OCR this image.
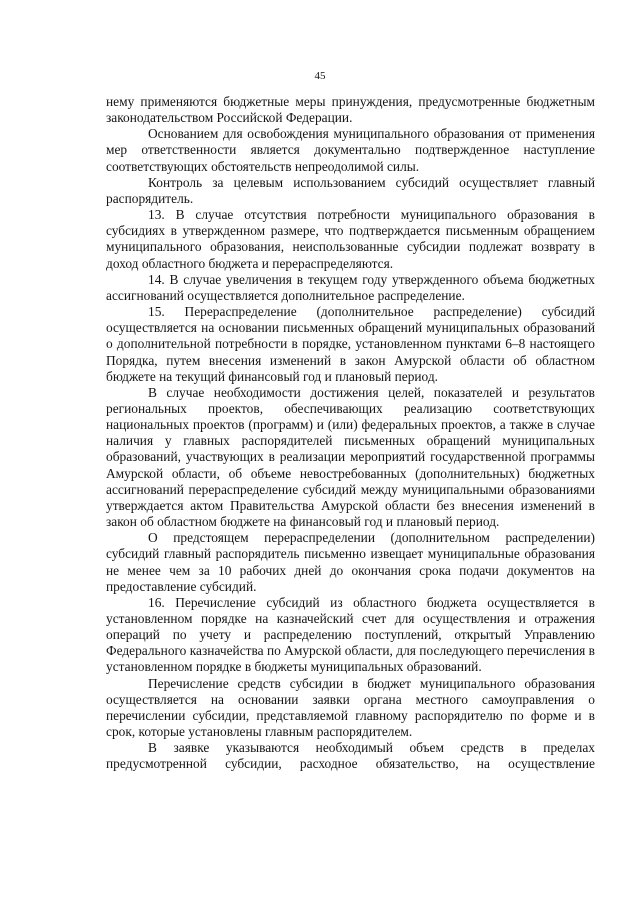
45

нему применяются бюджетные меры принуждения, предусмотренные бюджетным законодательством Российской Федерации.

Основанием для освобождения муниципального образования от применения мер ответственности является документально подтвержденное наступление соответствующих обстоятельств непреодолимой силы.

Контроль за целевым использованием субсидий осуществляет главный распорядитель.

13. В случае отсутствия потребности муниципального образования в субсидиях в утвержденном размере, что подтверждается письменным обращением муниципального образования, неиспользованные субсидии подлежат возврату в доход областного бюджета и перераспределяются.

14. В случае увеличения в текущем году утвержденного объема бюджетных ассигнований осуществляется дополнительное распределение.

15. Перераспределение (дополнительное распределение) субсидий осуществляется на основании письменных обращений муниципальных образований о дополнительной потребности в порядке, установленном пунктами 6–8 настоящего Порядка, путем внесения изменений в закон Амурской области об областном бюджете на текущий финансовый год и плановый период.

В случае необходимости достижения целей, показателей и результатов региональных проектов, обеспечивающих реализацию соответствующих национальных проектов (программ) и (или) федеральных проектов, а также в случае наличия у главных распорядителей письменных обращений муниципальных образований, участвующих в реализации мероприятий государственной программы Амурской области, об объеме невостребованных (дополнительных) бюджетных ассигнований перераспределение субсидий между муниципальными образованиями утверждается актом Правительства Амурской области без внесения изменений в закон об областном бюджете на финансовый год и плановый период.

О предстоящем перераспределении (дополнительном распределении) субсидий главный распорядитель письменно извещает муниципальные образования не менее чем за 10 рабочих дней до окончания срока подачи документов на предоставление субсидий.

16. Перечисление субсидий из областного бюджета осуществляется в установленном порядке на казначейский счет для осуществления и отражения операций по учету и распределению поступлений, открытый Управлению Федерального казначейства по Амурской области, для последующего перечисления в установленном порядке в бюджеты муниципальных образований.

Перечисление средств субсидии в бюджет муниципального образования осуществляется на основании заявки органа местного самоуправления о перечислении субсидии, представляемой главному распорядителю по форме и в срок, которые установлены главным распорядителем.

В заявке указываются необходимый объем средств в пределах предусмотренной субсидии, расходное обязательство, на осуществление
